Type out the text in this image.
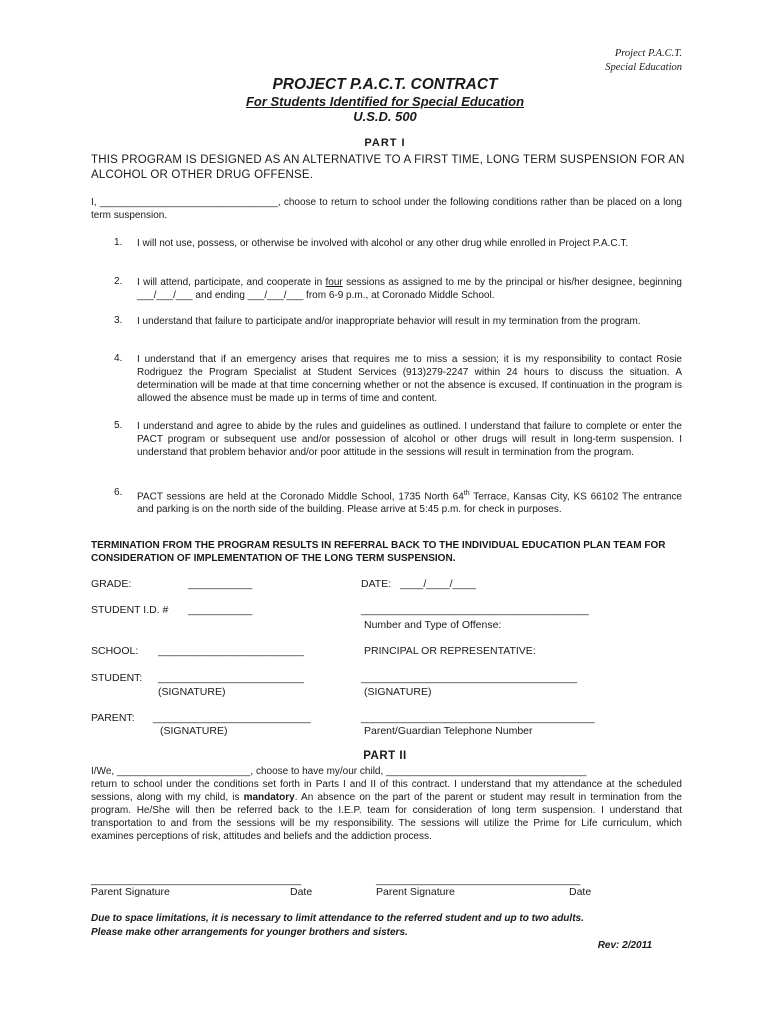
Project P.A.C.T.
Special Education
PROJECT P.A.C.T. CONTRACT
For Students Identified for Special Education
U.S.D. 500
PART I
THIS PROGRAM IS DESIGNED AS AN ALTERNATIVE TO A FIRST TIME, LONG TERM SUSPENSION FOR AN ALCOHOL OR OTHER DRUG OFFENSE.
I, ________________________________, choose to return to school under the following conditions rather than be placed on a long term suspension.
1. I will not use, possess, or otherwise be involved with alcohol or any other drug while enrolled in Project P.A.C.T.
2. I will attend, participate, and cooperate in four sessions as assigned to me by the principal or his/her designee, beginning ___/___/___ and ending ___/___/___ from 6-9 p.m., at Coronado Middle School.
3. I understand that failure to participate and/or inappropriate behavior will result in my termination from the program.
4. I understand that if an emergency arises that requires me to miss a session; it is my responsibility to contact Rosie Rodriguez the Program Specialist at Student Services (913)279-2247 within 24 hours to discuss the situation. A determination will be made at that time concerning whether or not the absence is excused. If continuation in the program is allowed the absence must be made up in terms of time and content.
5. I understand and agree to abide by the rules and guidelines as outlined. I understand that failure to complete or enter the PACT program or subsequent use and/or possession of alcohol or other drugs will result in long-term suspension. I understand that problem behavior and/or poor attitude in the sessions will result in termination from the program.
6. PACT sessions are held at the Coronado Middle School, 1735 North 64th Terrace, Kansas City, KS 66102 The entrance and parking is on the north side of the building. Please arrive at 5:45 p.m. for check in purposes.
TERMINATION FROM THE PROGRAM RESULTS IN REFERRAL BACK TO THE INDIVIDUAL EDUCATION PLAN TEAM FOR CONSIDERATION OF IMPLEMENTATION OF THE LONG TERM SUSPENSION.
GRADE:	___________	DATE: ____/____/____
STUDENT I.D. # ___________	_______________________________________
Number and Type of Offense:
SCHOOL: _________________________	PRINCIPAL OR REPRESENTATIVE:
STUDENT: _________________________	_____________________________________
(SIGNATURE)	(SIGNATURE)
PARENT: ___________________________	________________________________________
(SIGNATURE)	Parent/Guardian Telephone Number
PART II
I/We, ________________________, choose to have my/our child, ____________________________________
return to school under the conditions set forth in Parts I and II of this contract. I understand that my attendance at the scheduled sessions, along with my child, is mandatory. An absence on the part of the parent or student may result in termination from the program. He/She will then be referred back to the I.E.P. team for consideration of long term suspension. I understand that transportation to and from the sessions will be my responsibility. The sessions will utilize the Prime for Life curriculum, which examines perceptions of risk, attitudes and beliefs and the addiction process.
____________________________________	___________________________________
Parent Signature	Date	Parent Signature	Date
Due to space limitations, it is necessary to limit attendance to the referred student and up to two adults.
Please make other arrangements for younger brothers and sisters.
Rev: 2/2011
